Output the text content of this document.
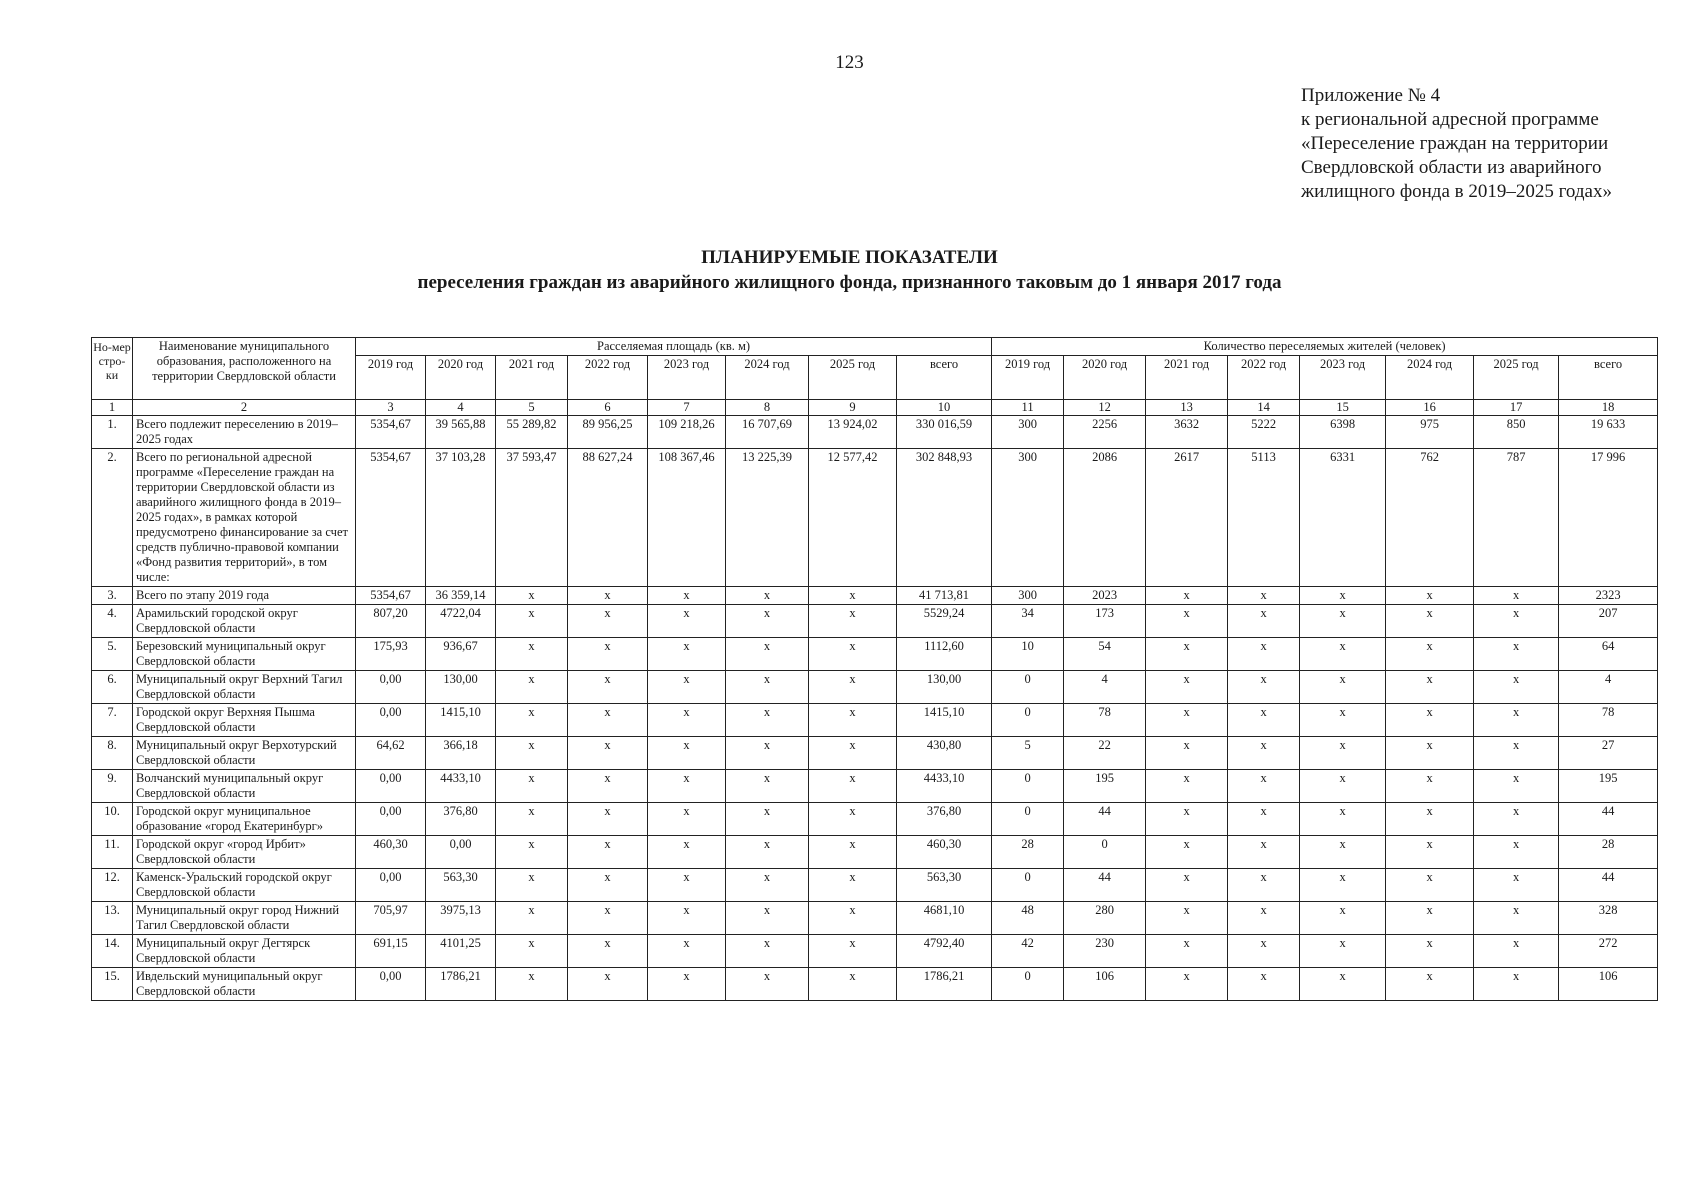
123
Приложение № 4
к региональной адресной программе
«Переселение граждан на территории
Свердловской области из аварийного
жилищного фонда в 2019–2025 годах»
ПЛАНИРУЕМЫЕ ПОКАЗАТЕЛИ
переселения граждан из аварийного жилищного фонда, признанного таковым до 1 января 2017 года
Но-мер стро-ки	Наименование муниципального образования, расположенного на территории Свердловской области	Расселяемая площадь (кв. м)								Количество переселяемых жителей (человек)							
		2019 год	2020 год	2021 год	2022 год	2023 год	2024 год	2025 год	всего	2019 год	2020 год	2021 год	2022 год	2023 год	2024 год	2025 год	всего
1	2	3	4	5	6	7	8	9	10	11	12	13	14	15	16	17	18
1.	Всего подлежит переселению в 2019–2025 годах	5354,67	39 565,88	55 289,82	89 956,25	109 218,26	16 707,69	13 924,02	330 016,59	300	2256	3632	5222	6398	975	850	19 633
2.	Всего по региональной адресной программе «Переселение граждан на территории Свердловской области из аварийного жилищного фонда в 2019–2025 годах», в рамках которой предусмотрено финансирование за счет средств публично-правовой компании «Фонд развития территорий», в том числе:	5354,67	37 103,28	37 593,47	88 627,24	108 367,46	13 225,39	12 577,42	302 848,93	300	2086	2617	5113	6331	762	787	17 996
3.	Всего по этапу 2019 года	5354,67	36 359,14	x	x	x	x	x	41 713,81	300	2023	x	x	x	x	x	2323
4.	Арамильский городской округ Свердловской области	807,20	4722,04	x	x	x	x	x	5529,24	34	173	x	x	x	x	x	207
5.	Березовский муниципальный округ Свердловской области	175,93	936,67	x	x	x	x	x	1112,60	10	54	x	x	x	x	x	64
6.	Муниципальный округ Верхний Тагил Свердловской области	0,00	130,00	x	x	x	x	x	130,00	0	4	x	x	x	x	x	4
7.	Городской округ Верхняя Пышма Свердловской области	0,00	1415,10	x	x	x	x	x	1415,10	0	78	x	x	x	x	x	78
8.	Муниципальный округ Верхотурский Свердловской области	64,62	366,18	x	x	x	x	x	430,80	5	22	x	x	x	x	x	27
9.	Волчанский муниципальный округ Свердловской области	0,00	4433,10	x	x	x	x	x	4433,10	0	195	x	x	x	x	x	195
10.	Городской округ муниципальное образование «город Екатеринбург»	0,00	376,80	x	x	x	x	x	376,80	0	44	x	x	x	x	x	44
11.	Городской округ «город Ирбит» Свердловской области	460,30	0,00	x	x	x	x	x	460,30	28	0	x	x	x	x	x	28
12.	Каменск-Уральский городской округ Свердловской области	0,00	563,30	x	x	x	x	x	563,30	0	44	x	x	x	x	x	44
13.	Муниципальный округ город Нижний Тагил Свердловской области	705,97	3975,13	x	x	x	x	x	4681,10	48	280	x	x	x	x	x	328
14.	Муниципальный округ Дегтярск Свердловской области	691,15	4101,25	x	x	x	x	x	4792,40	42	230	x	x	x	x	x	272
15.	Ивдельский муниципальный округ Свердловской области	0,00	1786,21	x	x	x	x	x	1786,21	0	106	x	x	x	x	x	106
